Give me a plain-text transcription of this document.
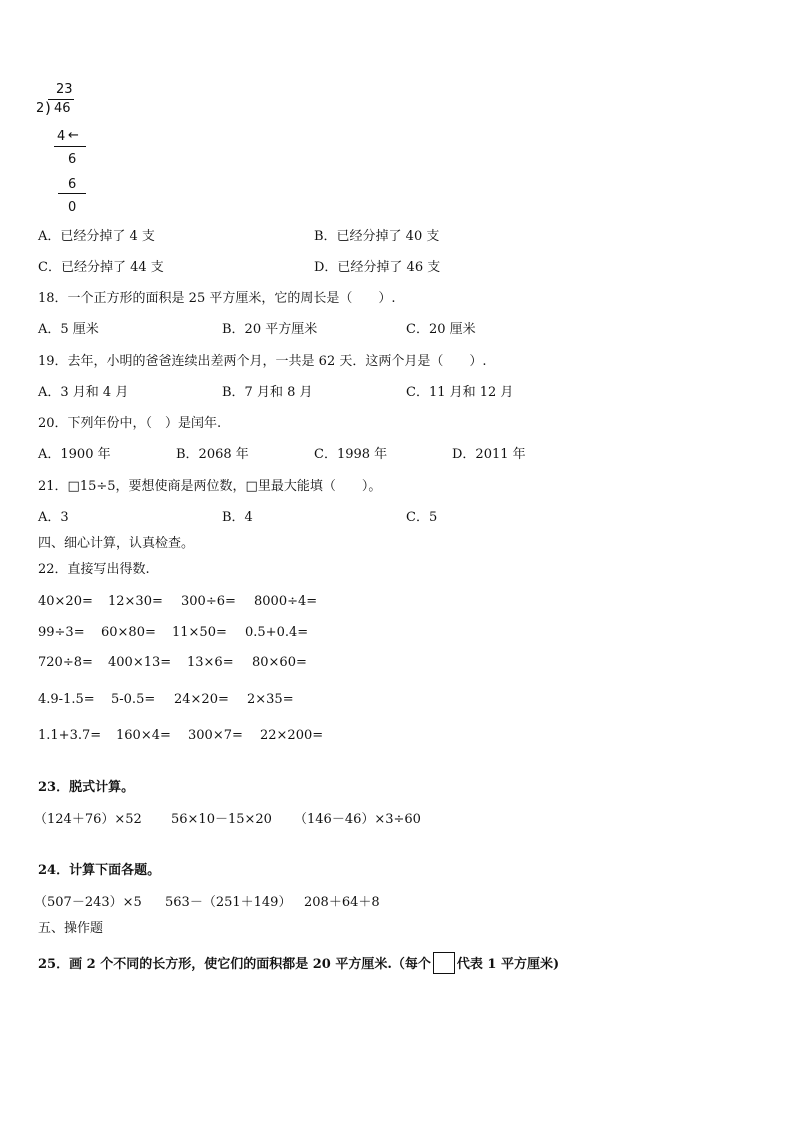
23
2 ) 46
4 ←
6
6
0
A．已经分掉了 4 支	B．已经分掉了 40 支
C．已经分掉了 44 支	D．已经分掉了 46 支
18．一个正方形的面积是 25 平方厘米，它的周长是（　　）.
A．5 厘米	B．20 平方厘米	C．20 厘米
19．去年，小明的爸爸连续出差两个月，一共是 62 天．这两个月是（　　）.
A．3 月和 4 月	B．7 月和 8 月	C．11 月和 12 月
20．下列年份中，（　）是闰年.
A．1900 年	B．2068 年	C．1998 年	D．2011 年
21．□15÷5，要想使商是两位数，□里最大能填（　　）。
A．3	B．4	C．5
四、细心计算，认真检查。
22．直接写出得数.
40×20= 12×30= 300÷6= 8000÷4=
99÷3= 60×80= 11×50= 0.5+0.4=
720÷8= 400×13= 13×6= 80×60=
4.9-1.5= 5-0.5= 24×20= 2×35=
1.1+3.7= 160×4= 300×7= 22×200=
23．脱式计算。
（124＋76）×52 56×10－15×20 （146－46）×3÷60
24．计算下面各题。
（507－243）×5 563－（251＋149） 208＋64＋8
五、操作题
25．画 2 个不同的长方形，使它们的面积都是 20 平方厘米.（每个 代表 1 平方厘米)
